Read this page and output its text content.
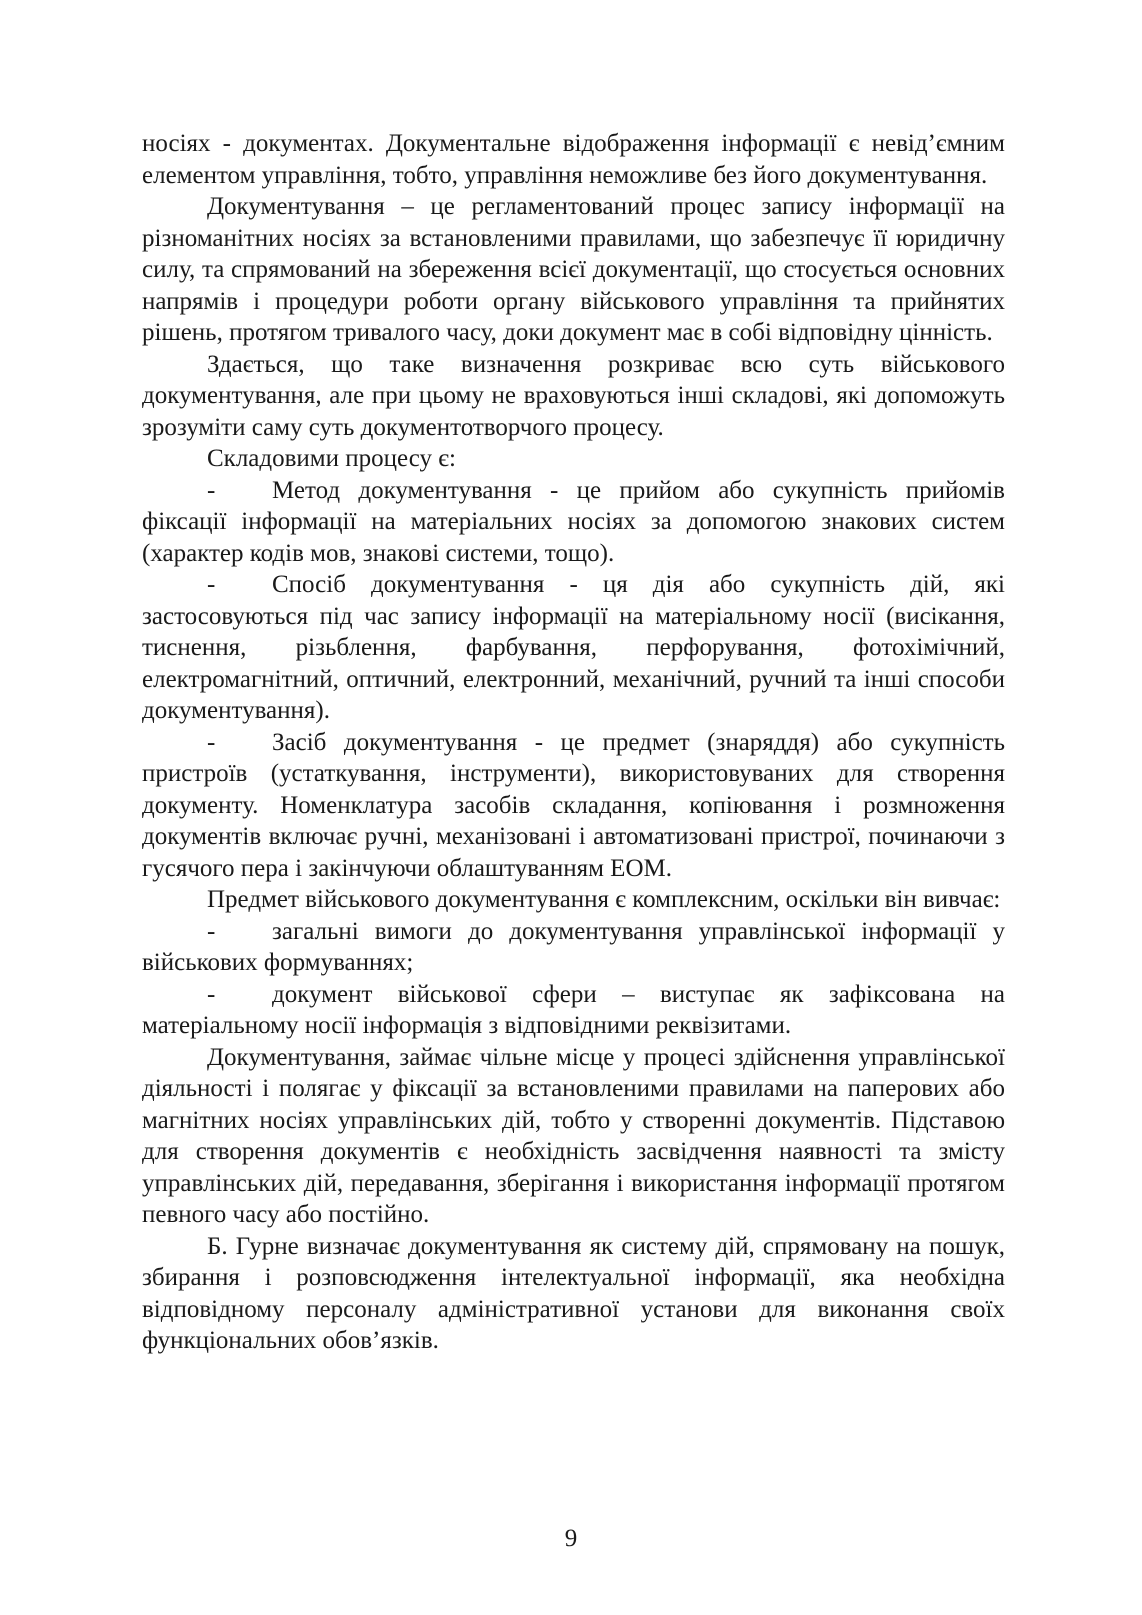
носіях - документах. Документальне відображення інформації є невід’ємним елементом управління, тобто, управління неможливе без його документування.

Документування – це регламентований процес запису інформації на різноманітних носіях за встановленими правилами, що забезпечує її юридичну силу, та спрямований на збереження всієї документації, що стосується основних напрямів і процедури роботи органу військового управління та прийнятих рішень, протягом тривалого часу, доки документ має в собі відповідну цінність.

Здається, що таке визначення розкриває всю суть військового документування, але при цьому не враховуються інші складові, які допоможуть зрозуміти саму суть документотворчого процесу.

Складовими процесу є:

- Метод документування - це прийом або сукупність прийомів фіксації інформації на матеріальних носіях за допомогою знакових систем (характер кодів мов, знакові системи, тощо).

- Спосіб документування - ця дія або сукупність дій, які застосовуються під час запису інформації на матеріальному носії (висікання, тиснення, різьблення, фарбування, перфорування, фотохімічний, електромагнітний, оптичний, електронний, механічний, ручний та інші способи документування).

- Засіб документування - це предмет (знаряддя) або сукупність пристроїв (устаткування, інструменти), використовуваних для створення документу. Номенклатура засобів складання, копіювання і розмноження документів включає ручні, механізовані і автоматизовані пристрої, починаючи з гусячого пера і закінчуючи облаштуванням ЕОМ.

Предмет військового документування є комплексним, оскільки він вивчає:

- загальні вимоги до документування управлінської інформації у військових формуваннях;

- документ військової сфери – виступає як зафіксована на матеріальному носії інформація з відповідними реквізитами.

Документування, займає чільне місце у процесі здійснення управлінської діяльності і полягає у фіксації за встановленими правилами на паперових або магнітних носіях управлінських дій, тобто у створенні документів. Підставою для створення документів є необхідність засвідчення наявності та змісту управлінських дій, передавання, зберігання і використання інформації протягом певного часу або постійно.

Б. Гурне визначає документування як систему дій, спрямовану на пошук, збирання і розповсюдження інтелектуальної інформації, яка необхідна відповідному персоналу адміністративної установи для виконання своїх функціональних обов’язків.

9
